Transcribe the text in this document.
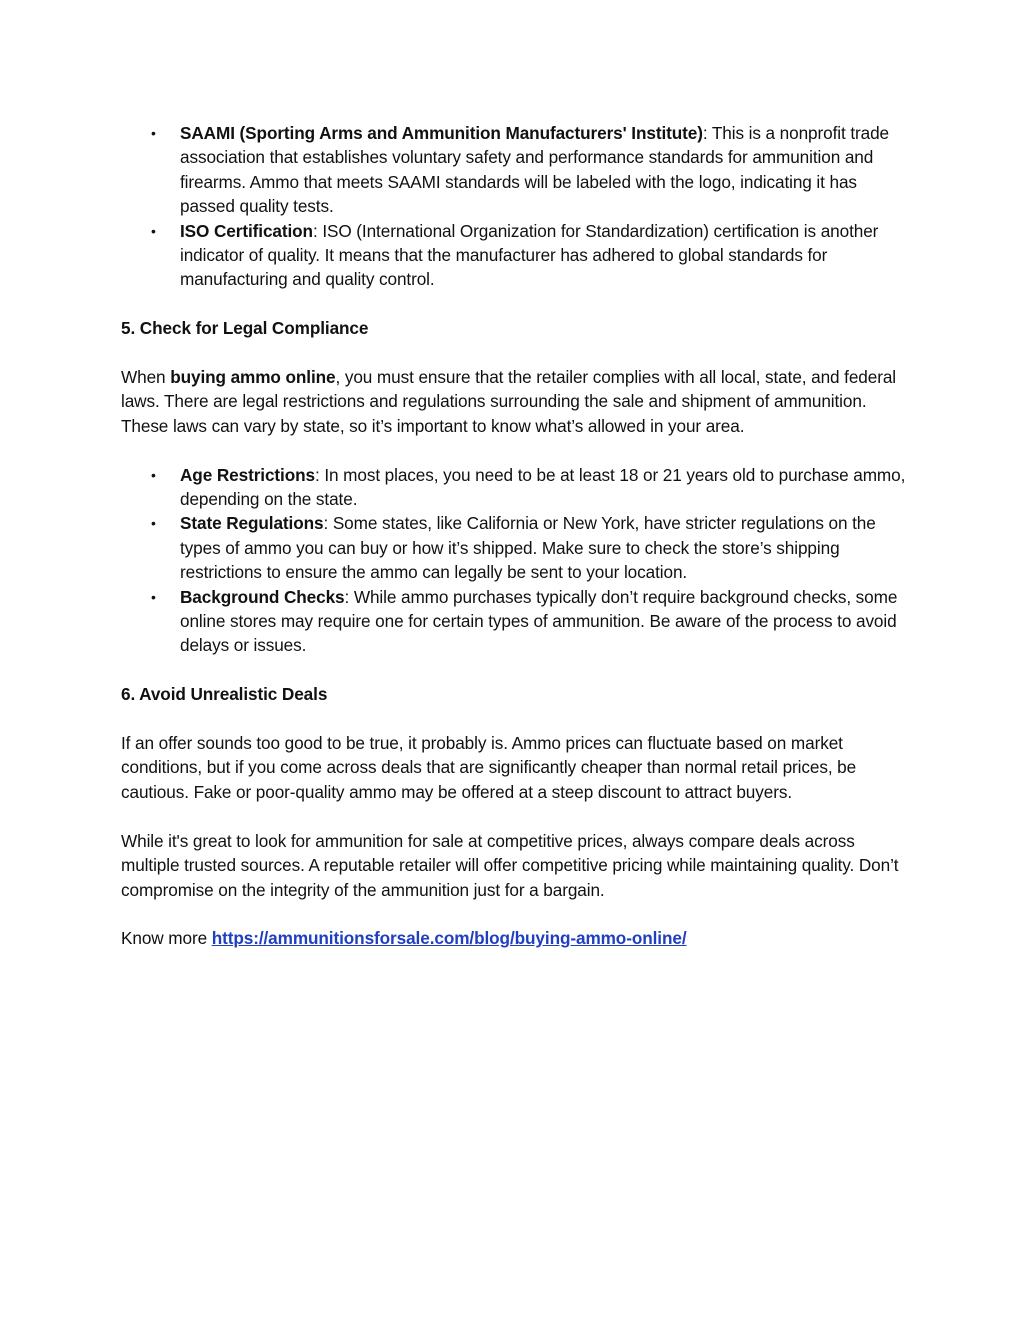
• SAAMI (Sporting Arms and Ammunition Manufacturers' Institute): This is a nonprofit trade association that establishes voluntary safety and performance standards for ammunition and firearms. Ammo that meets SAAMI standards will be labeled with the logo, indicating it has passed quality tests.
• ISO Certification: ISO (International Organization for Standardization) certification is another indicator of quality. It means that the manufacturer has adhered to global standards for manufacturing and quality control.
5. Check for Legal Compliance

When buying ammo online, you must ensure that the retailer complies with all local, state, and federal laws. There are legal restrictions and regulations surrounding the sale and shipment of ammunition. These laws can vary by state, so it’s important to know what’s allowed in your area.

• Age Restrictions: In most places, you need to be at least 18 or 21 years old to purchase ammo, depending on the state.
• State Regulations: Some states, like California or New York, have stricter regulations on the types of ammo you can buy or how it’s shipped. Make sure to check the store’s shipping restrictions to ensure the ammo can legally be sent to your location.
• Background Checks: While ammo purchases typically don’t require background checks, some online stores may require one for certain types of ammunition. Be aware of the process to avoid delays or issues.
6. Avoid Unrealistic Deals

If an offer sounds too good to be true, it probably is. Ammo prices can fluctuate based on market conditions, but if you come across deals that are significantly cheaper than normal retail prices, be cautious. Fake or poor-quality ammo may be offered at a steep discount to attract buyers.

While it's great to look for ammunition for sale at competitive prices, always compare deals across multiple trusted sources. A reputable retailer will offer competitive pricing while maintaining quality. Don’t compromise on the integrity of the ammunition just for a bargain.

Know more https://ammunitionsforsale.com/blog/buying-ammo-online/
